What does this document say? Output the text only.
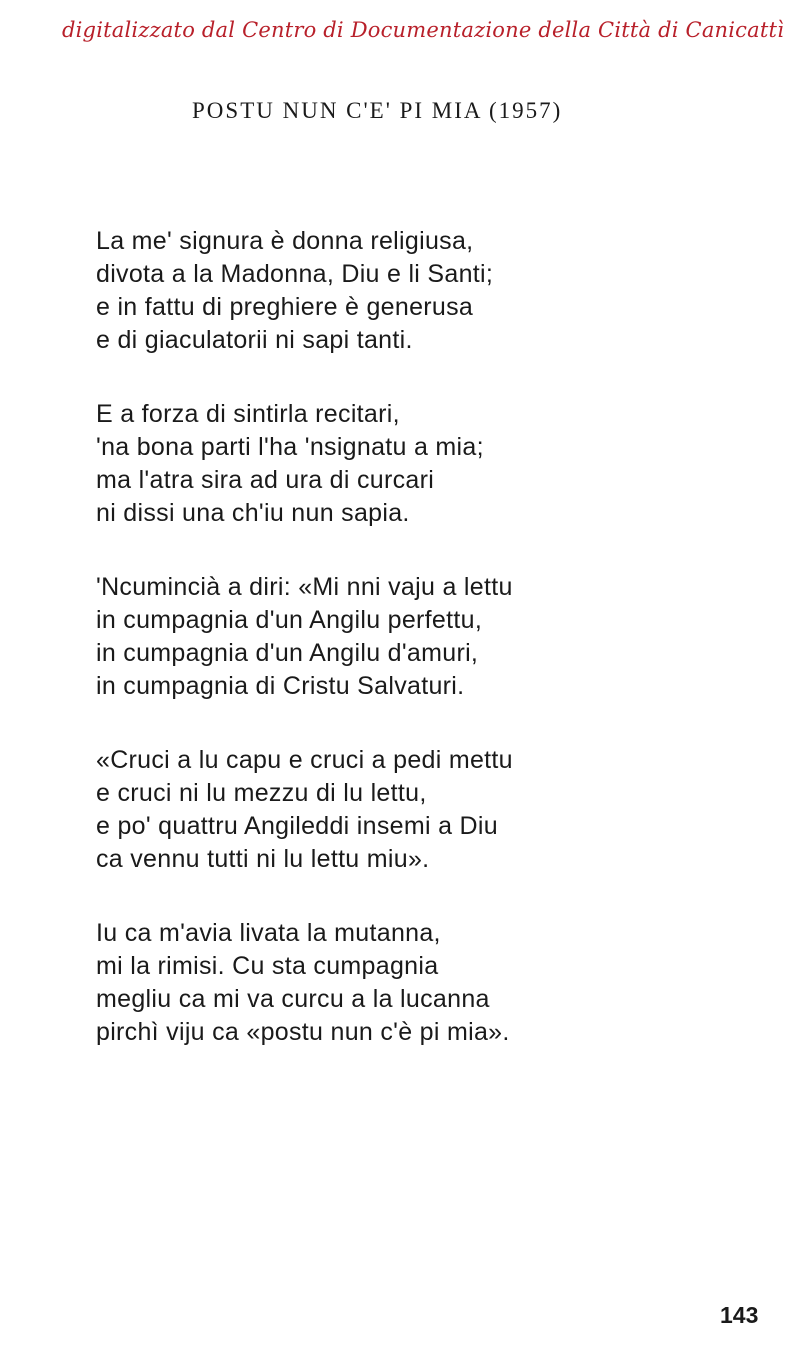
digitalizzato dal Centro di Documentazione della Città di Canicattì
POSTU NUN C'E' PI MIA (1957)
La me' signura è donna religiusa,
divota a la Madonna, Diu e li Santi;
e in fattu di preghiere è generusa
e di giaculatorii ni sapi tanti.
E a forza di sintirla recitari,
'na bona parti l'ha 'nsignatu a mia;
ma l'atra sira ad ura di curcari
ni dissi una ch'iu nun sapia.
'Ncumincià a diri: «Mi nni vaju a lettu
in cumpagnia d'un Angilu perfettu,
in cumpagnia d'un Angilu d'amuri,
in cumpagnia di Cristu Salvaturi.
«Cruci a lu capu e cruci a pedi mettu
e cruci ni lu mezzu di lu lettu,
e po' quattru Angileddi insemi a Diu
ca vennu tutti ni lu lettu miu».
Iu ca m'avia livata la mutanna,
mi la rimisi. Cu sta cumpagnia
megliu ca mi va curcu a la lucanna
pirchì viju ca «postu nun c'è pi mia».
143
